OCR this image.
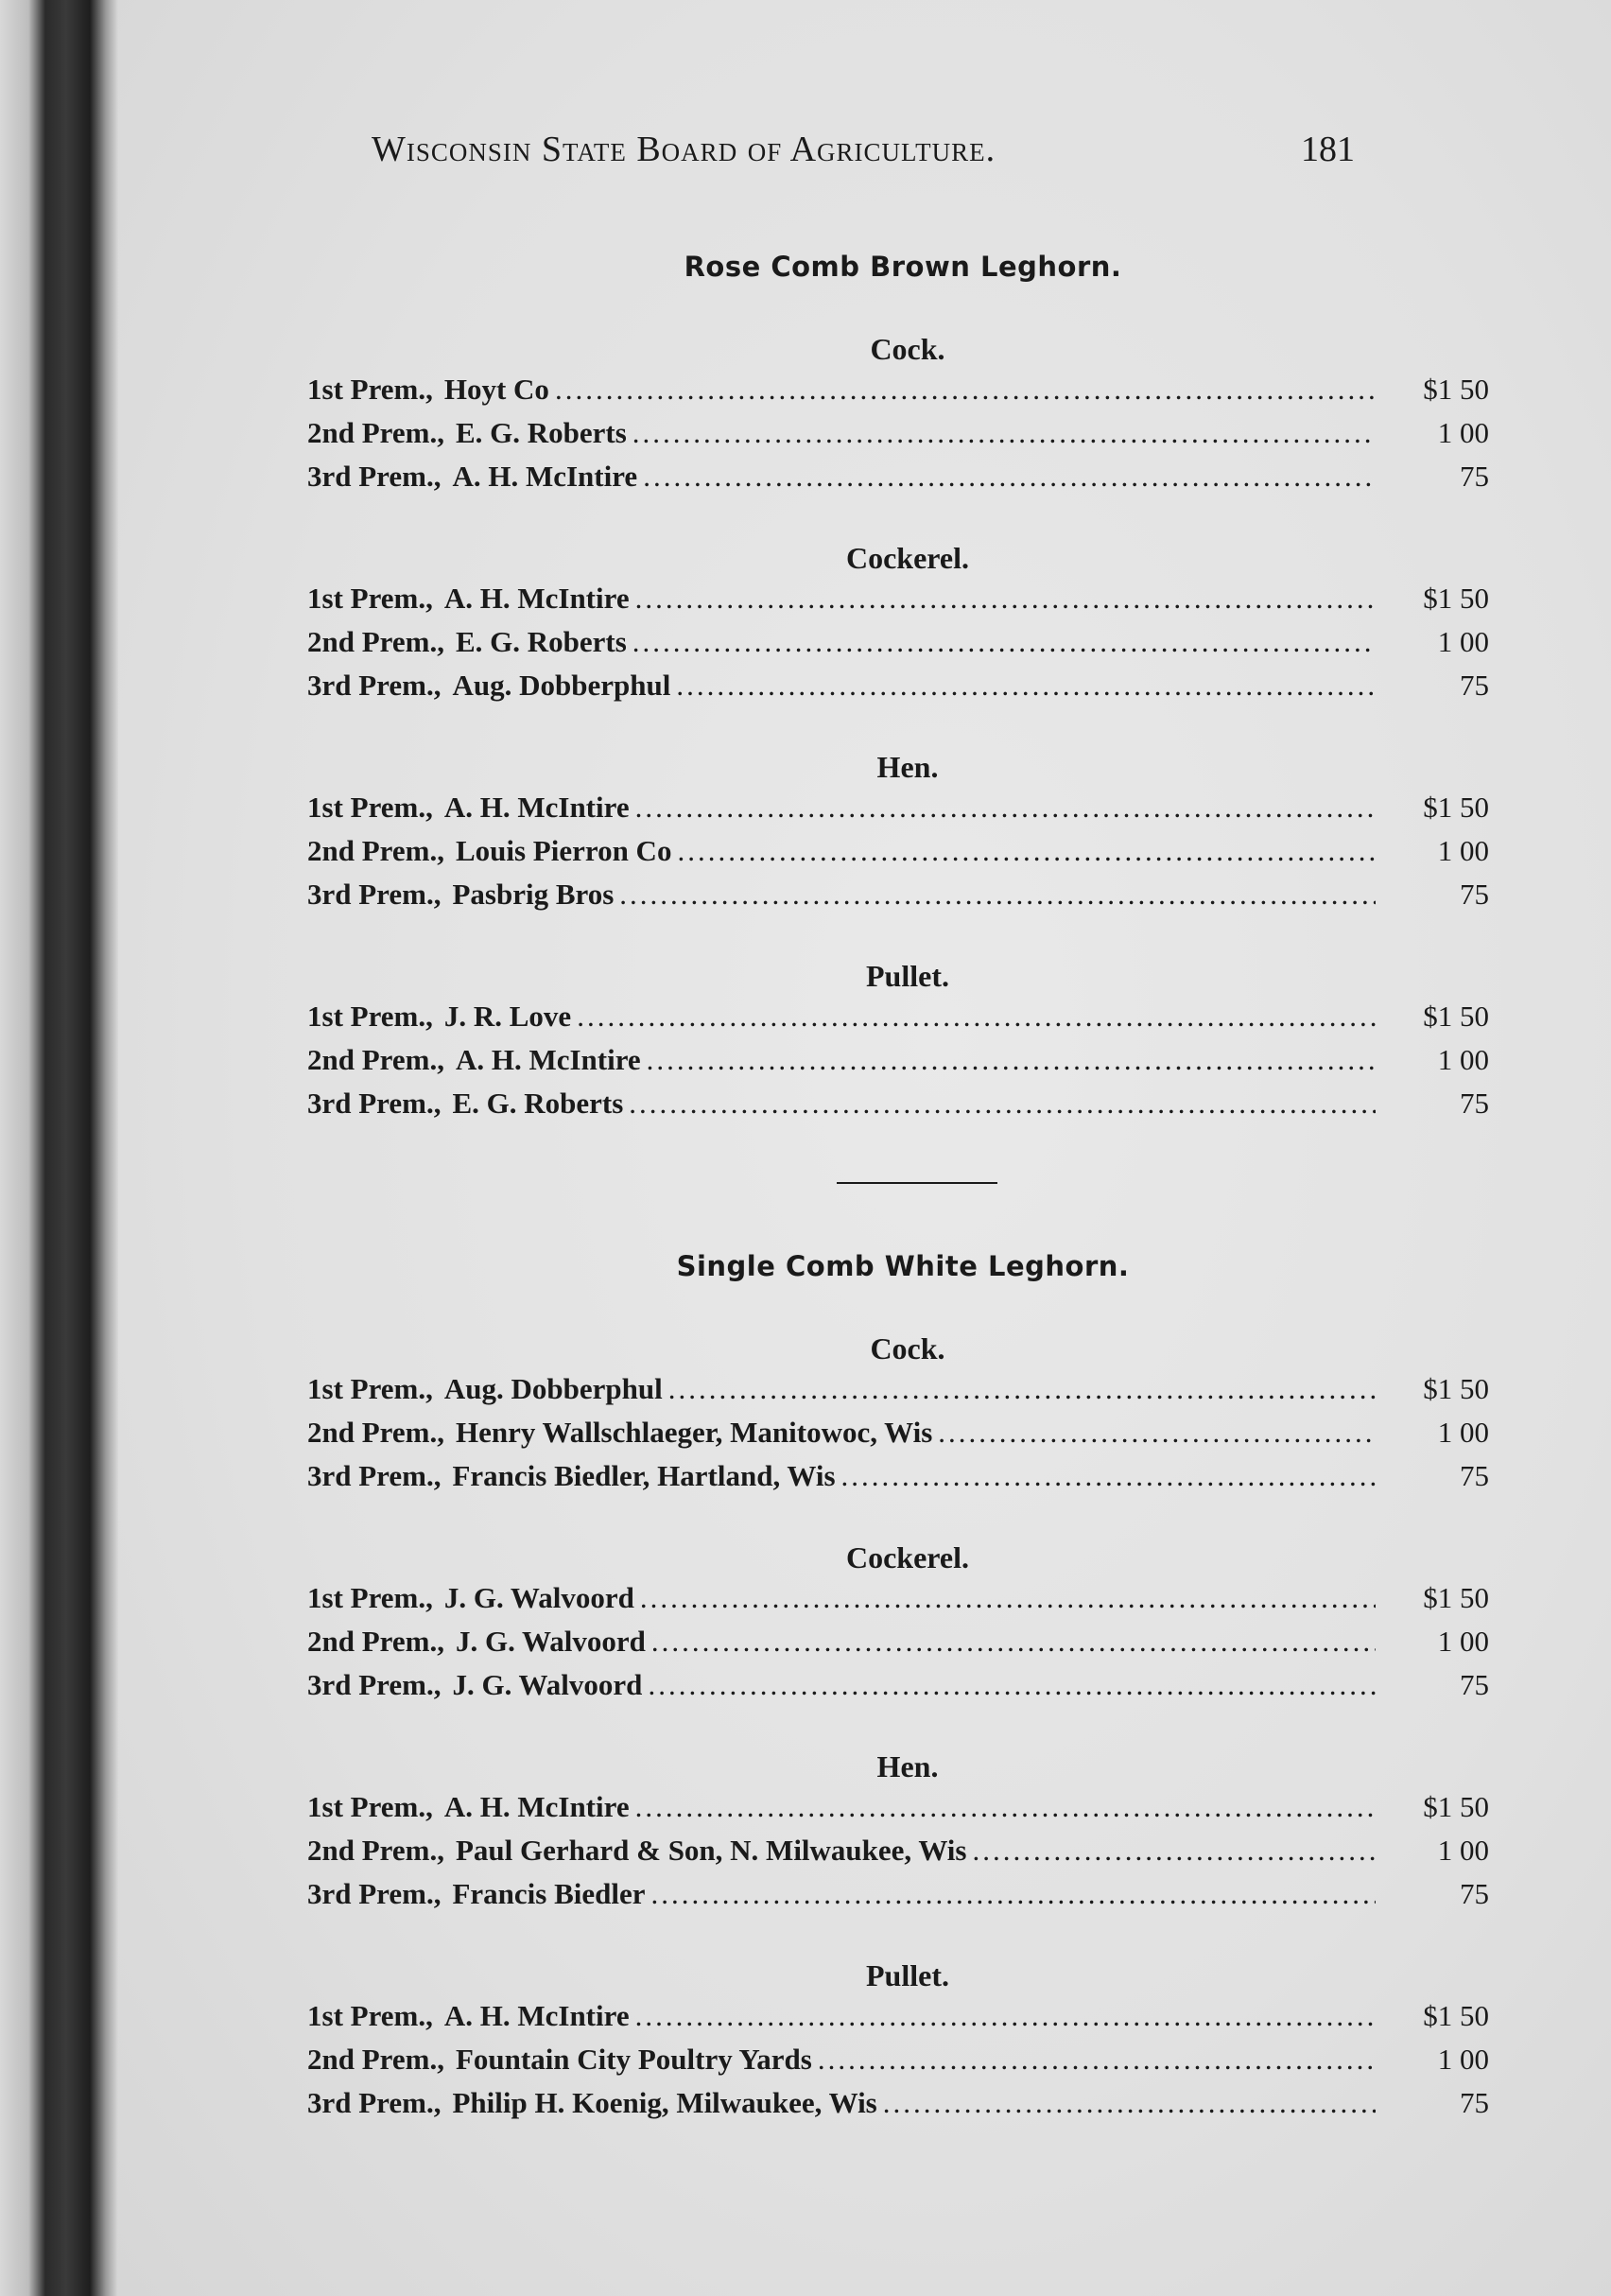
Wisconsin State Board of Agriculture.	181
Rose Comb Brown Leghorn.
Cock.
1st Prem., Hoyt Co .....	$1 50
2nd Prem., E. G. Roberts .....	1 00
3rd Prem., A. H. McIntire .....	75
Cockerel.
1st Prem., A. H. McIntire .....	$1 50
2nd Prem., E. G. Roberts .....	1 00
3rd Prem., Aug. Dobberphul .....	75
Hen.
1st Prem., A. H. McIntire .....	$1 50
2nd Prem., Louis Pierron Co .....	1 00
3rd Prem., Pasbrig Bros .....	75
Pullet.
1st Prem., J. R. Love .....	$1 50
2nd Prem., A. H. McIntire .....	1 00
3rd Prem., E. G. Roberts .....	75
Single Comb White Leghorn.
Cock.
1st Prem., Aug. Dobberphul .....	$1 50
2nd Prem., Henry Wallschlaeger, Manitowoc, Wis .....	1 00
3rd Prem., Francis Biedler, Hartland, Wis .....	75
Cockerel.
1st Prem., J. G. Walvoord .....	$1 50
2nd Prem., J. G. Walvoord .....	1 00
3rd Prem., J. G. Walvoord .....	75
Hen.
1st Prem., A. H. McIntire .....	$1 50
2nd Prem., Paul Gerhard & Son, N. Milwaukee, Wis .....	1 00
3rd Prem., Francis Biedler .....	75
Pullet.
1st Prem., A. H. McIntire .....	$1 50
2nd Prem., Fountain City Poultry Yards .....	1 00
3rd Prem., Philip H. Koenig, Milwaukee, Wis .....	75
